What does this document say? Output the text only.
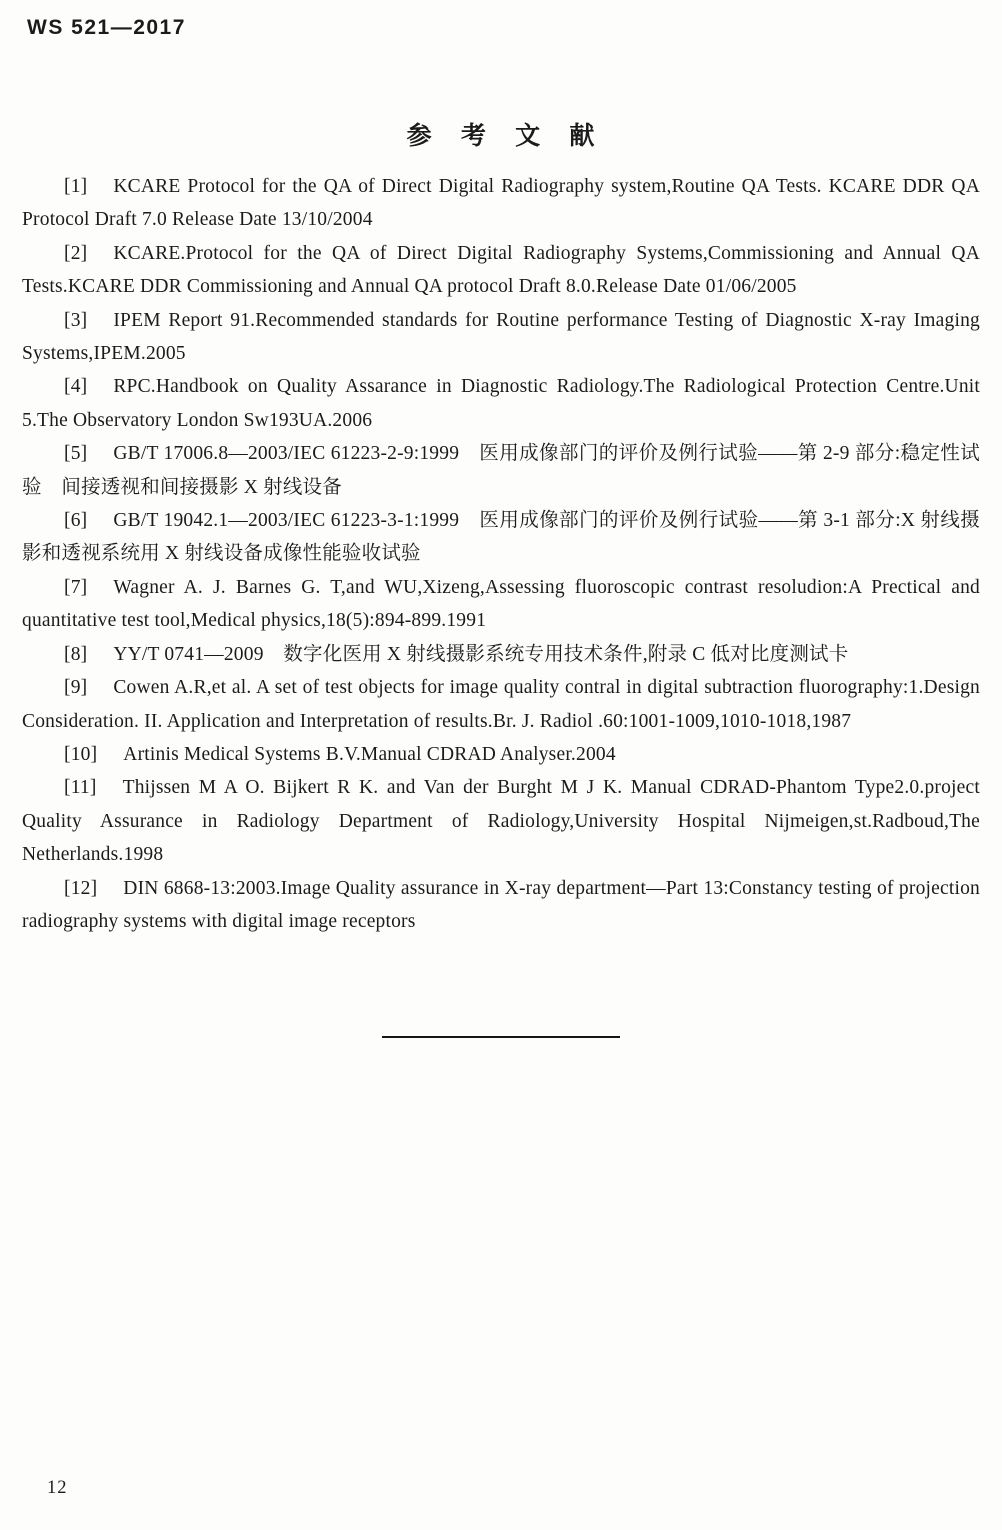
WS 521—2017
参 考 文 献

[1] KCARE Protocol for the QA of Direct Digital Radiography system,Routine QA Tests. KCARE DDR QA Protocol Draft 7.0 Release Date 13/10/2004

[2] KCARE.Protocol for the QA of Direct Digital Radiography Systems,Commissioning and Annual QA Tests.KCARE DDR Commissioning and Annual QA protocol Draft 8.0.Release Date 01/06/2005

[3] IPEM Report 91.Recommended standards for Routine performance Testing of Diagnostic X-ray Imaging Systems,IPEM.2005

[4] RPC.Handbook on Quality Assarance in Diagnostic Radiology.The Radiological Protection Centre.Unit 5.The Observatory London Sw193UA.2006

[5] GB/T 17006.8—2003/IEC 61223-2-9:1999　医用成像部门的评价及例行试验——第 2-9 部分:稳定性试验　间接透视和间接摄影 X 射线设备

[6] GB/T 19042.1—2003/IEC 61223-3-1:1999　医用成像部门的评价及例行试验——第 3-1 部分:X 射线摄影和透视系统用 X 射线设备成像性能验收试验

[7] Wagner A. J. Barnes G. T,and WU,Xizeng,Assessing fluoroscopic contrast resoludion:A Prectical and quantitative test tool,Medical physics,18(5):894-899.1991

[8] YY/T 0741—2009　数字化医用 X 射线摄影系统专用技术条件,附录 C 低对比度测试卡

[9] Cowen A.R,et al. A set of test objects for image quality contral in digital subtraction fluorography:1.Design Consideration. II. Application and Interpretation of results.Br. J. Radiol .60:1001-1009,1010-1018,1987

[10] Artinis Medical Systems B.V.Manual CDRAD Analyser.2004

[11] Thijssen M A O. Bijkert R K. and Van der Burght M J K. Manual CDRAD-Phantom Type2.0.project Quality Assurance in Radiology Department of Radiology,University Hospital Nijmeigen,st.Radboud,The Netherlands.1998

[12] DIN 6868-13:2003.Image Quality assurance in X-ray department—Part 13:Constancy testing of projection radiography systems with digital image receptors

12
